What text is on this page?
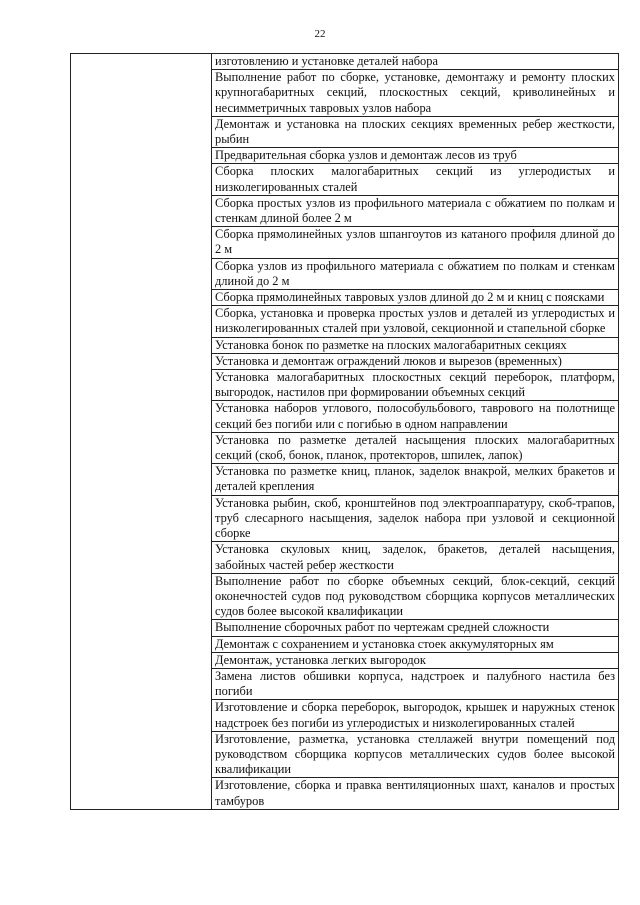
22
	изготовлению и установке деталей набора
Выполнение работ по сборке, установке, демонтажу и ремонту плоских крупногабаритных секций, плоскостных секций, криволинейных и несимметричных тавровых узлов набора
Демонтаж и установка на плоских секциях временных ребер жесткости, рыбин
Предварительная сборка узлов и демонтаж лесов из труб
Сборка плоских малогабаритных секций из углеродистых и низколегированных сталей
Сборка простых узлов из профильного материала с обжатием по полкам и стенкам длиной более 2 м
Сборка прямолинейных узлов шпангоутов из катаного профиля длиной до 2 м
Сборка узлов из профильного материала с обжатием по полкам и стенкам длиной до 2 м
Сборка прямолинейных тавровых узлов длиной до 2 м и книц с поясками
Сборка, установка и проверка простых узлов и деталей из углеродистых и низколегированных сталей при узловой, секционной и стапельной сборке
Установка бонок по разметке на плоских малогабаритных секциях
Установка и демонтаж ограждений люков и вырезов (временных)
Установка малогабаритных плоскостных секций переборок, платформ, выгородок, настилов при формировании объемных секций
Установка наборов углового, полособульбового, таврового на полотнище секций без погиби или с погибью в одном направлении
Установка по разметке деталей насыщения плоских малогабаритных секций (скоб, бонок, планок, протекторов, шпилек, лапок)
Установка по разметке книц, планок, заделок внакрой, мелких бракетов и деталей крепления
Установка рыбин, скоб, кронштейнов под электроаппаратуру, скоб-трапов, труб слесарного насыщения, заделок набора при узловой и секционной сборке
Установка скуловых книц, заделок, бракетов, деталей насыщения, забойных частей ребер жесткости
Выполнение работ по сборке объемных секций, блок-секций, секций оконечностей судов под руководством сборщика корпусов металлических судов более высокой квалификации
Выполнение сборочных работ по чертежам средней сложности
Демонтаж с сохранением и установка стоек аккумуляторных ям
Демонтаж, установка легких выгородок
Замена листов обшивки корпуса, надстроек и палубного настила без погиби
Изготовление и сборка переборок, выгородок, крышек и наружных стенок надстроек без погиби из углеродистых и низколегированных сталей
Изготовление, разметка, установка стеллажей внутри помещений под руководством сборщика корпусов металлических судов более высокой квалификации
Изготовление, сборка и правка вентиляционных шахт, каналов и простых тамбуров
